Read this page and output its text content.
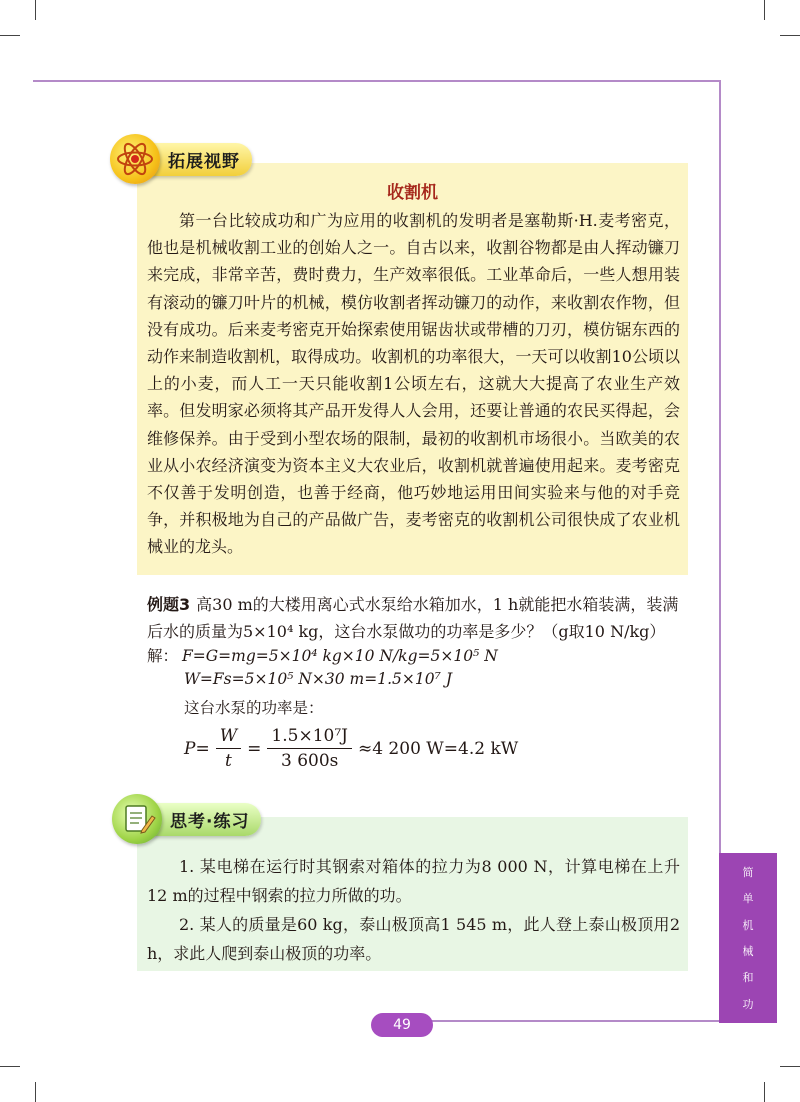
拓展视野
收割机

第一台比较成功和广为应用的收割机的发明者是塞勒斯·H.麦考密克，他也是机械收割工业的创始人之一。自古以来，收割谷物都是由人挥动镰刀来完成，非常辛苦，费时费力，生产效率很低。工业革命后，一些人想用装有滚动的镰刀叶片的机械，模仿收割者挥动镰刀的动作，来收割农作物，但没有成功。后来麦考密克开始探索使用锯齿状或带槽的刀刃，模仿锯东西的动作来制造收割机，取得成功。收割机的功率很大，一天可以收割10公顷以上的小麦，而人工一天只能收割1公顷左右，这就大大提高了农业生产效率。但发明家必须将其产品开发得人人会用，还要让普通的农民买得起，会维修保养。由于受到小型农场的限制，最初的收割机市场很小。当欧美的农业从小农经济演变为资本主义大农业后，收割机就普遍使用起来。麦考密克不仅善于发明创造，也善于经商，他巧妙地运用田间实验来与他的对手竞争，并积极地为自己的产品做广告，麦考密克的收割机公司很快成了农业机械业的龙头。

例题3 高30 m的大楼用离心式水泵给水箱加水，1 h就能把水箱装满，装满后水的质量为5×10⁴ kg，这台水泵做功的功率是多少？（g取10 N/kg）

解： F=G=mg=5×10⁴ kg×10 N/kg=5×10⁵ N
W=Fs=5×10⁵ N×30 m=1.5×10⁷ J
这台水泵的功率是：
$P= \frac{W}{t} = \frac{\text{1.5×10⁷J}}{3 600s} \approx 4$ 200 W=4.2 kW
思考·练习

1. 某电梯在运行时其钢索对箱体的拉力为8 000 N，计算电梯在上升12 m的过程中钢索的拉力所做的功。

2. 某人的质量是60 kg，泰山极顶高1 545 m，此人登上泰山极顶用2 h，求此人爬到泰山极顶的功率。

简
单
机
械
和
功
49
